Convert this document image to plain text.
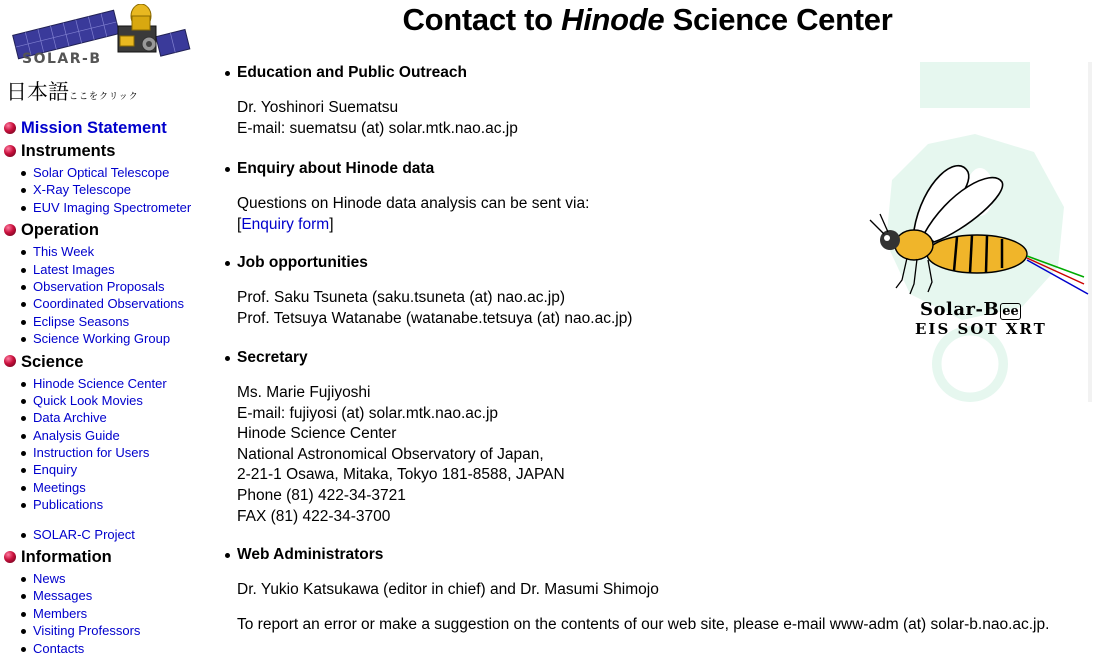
SOLAR-B
日本語ここをクリック
Mission Statement
Instruments
Solar Optical Telescope
X-Ray Telescope
EUV Imaging Spectrometer
Operation
This Week
Latest Images
Observation Proposals
Coordinated Observations
Eclipse Seasons
Science Working Group
Science
Hinode Science Center
Quick Look Movies
Data Archive
Analysis Guide
Instruction for Users
Enquiry
Meetings
Publications
SOLAR-C Project
Information
News
Messages
Members
Visiting Professors
Contacts
Contact to Hinode Science Center
Solar-B ee
EIS SOT XRT
Education and Public Outreach
Dr. Yoshinori Suematsu
E-mail: suematsu (at) solar.mtk.nao.ac.jp
Enquiry about Hinode data
Questions on Hinode data analysis can be sent via:
[Enquiry form]
Job opportunities
Prof. Saku Tsuneta (saku.tsuneta (at) nao.ac.jp)
Prof. Tetsuya Watanabe (watanabe.tetsuya (at) nao.ac.jp)
Secretary
Ms. Marie Fujiyoshi
E-mail: fujiyosi (at) solar.mtk.nao.ac.jp
Hinode Science Center
National Astronomical Observatory of Japan,
2-21-1 Osawa, Mitaka, Tokyo 181-8588, JAPAN
Phone (81) 422-34-3721
FAX (81) 422-34-3700
Web Administrators

Dr. Yukio Katsukawa (editor in chief) and Dr. Masumi Shimojo

To report an error or make a suggestion on the contents of our web site, please e-mail www-adm (at) solar-b.nao.ac.jp.
